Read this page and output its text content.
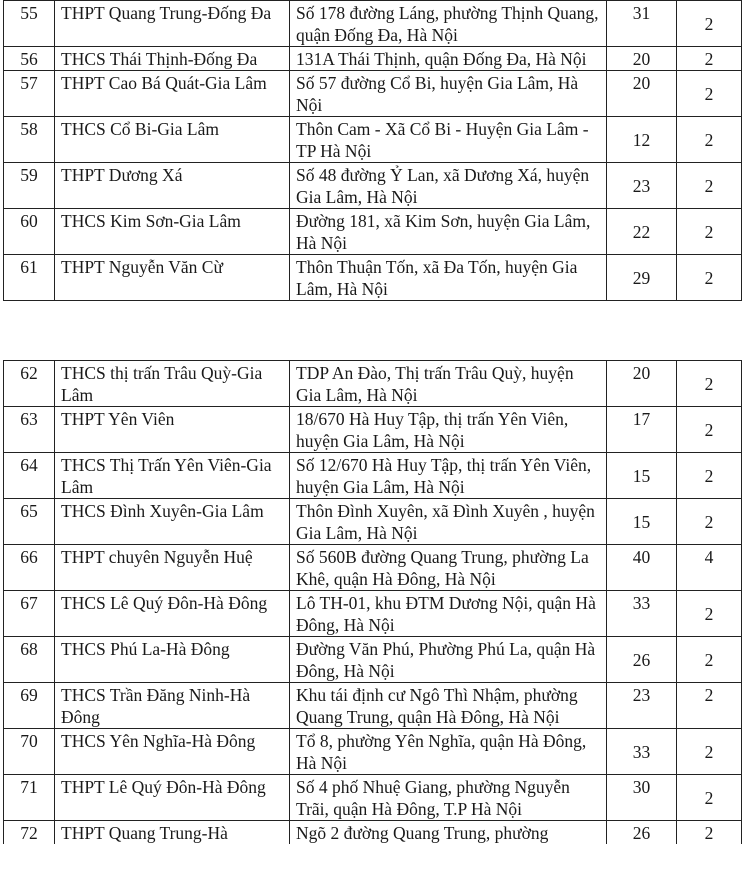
55	THPT Quang Trung-Đống Đa	Số 178 đường Láng, phường Thịnh Quang, quận Đống Đa, Hà Nội	31	2
56	THCS Thái Thịnh-Đống Đa	131A Thái Thịnh, quận Đống Đa, Hà Nội	20	2
57	THPT Cao Bá Quát-Gia Lâm	Số 57 đường Cổ Bi, huyện Gia Lâm, Hà Nội	20	2
58	THCS Cổ Bi-Gia Lâm	Thôn Cam - Xã Cổ Bi - Huyện Gia Lâm - TP Hà Nội	12	2
59	THPT Dương Xá	Số 48 đường Ỷ Lan, xã Dương Xá, huyện Gia Lâm, Hà Nội	23	2
60	THCS Kim Sơn-Gia Lâm	Đường 181, xã Kim Sơn, huyện Gia Lâm, Hà Nội	22	2
61	THPT Nguyễn Văn Cừ	Thôn Thuận Tốn, xã Đa Tốn, huyện Gia Lâm, Hà Nội	29	2
62	THCS thị trấn Trâu Quỳ-Gia Lâm	TDP An Đào, Thị trấn Trâu Quỳ, huyện Gia Lâm, Hà Nội	20	2
63	THPT Yên Viên	18/670 Hà Huy Tập, thị trấn Yên Viên, huyện Gia Lâm, Hà Nội	17	2
64	THCS Thị Trấn Yên Viên-Gia Lâm	Số 12/670 Hà Huy Tập, thị trấn Yên Viên, huyện Gia Lâm, Hà Nội	15	2
65	THCS Đình Xuyên-Gia Lâm	Thôn Đình Xuyên, xã Đình Xuyên , huyện Gia Lâm, Hà Nội	15	2
66	THPT chuyên Nguyễn Huệ	Số 560B đường Quang Trung, phường La Khê, quận Hà Đông, Hà Nội	40	4
67	THCS Lê Quý Đôn-Hà Đông	Lô TH-01, khu ĐTM Dương Nội, quận Hà Đông, Hà Nội	33	2
68	THCS Phú La-Hà Đông	Đường Văn Phú, Phường Phú La, quận Hà Đông, Hà Nội	26	2
69	THCS Trần Đăng Ninh-Hà Đông	Khu tái định cư Ngô Thì Nhậm, phường Quang Trung, quận Hà Đông, Hà Nội	23	2
70	THCS Yên Nghĩa-Hà Đông	Tổ 8, phường Yên Nghĩa, quận Hà Đông, Hà Nội	33	2
71	THPT Lê Quý Đôn-Hà Đông	Số 4 phố Nhuệ Giang, phường Nguyễn Trãi, quận Hà Đông, T.P Hà Nội	30	2
72	THPT Quang Trung-Hà	Ngõ 2 đường Quang Trung, phường	26	2
